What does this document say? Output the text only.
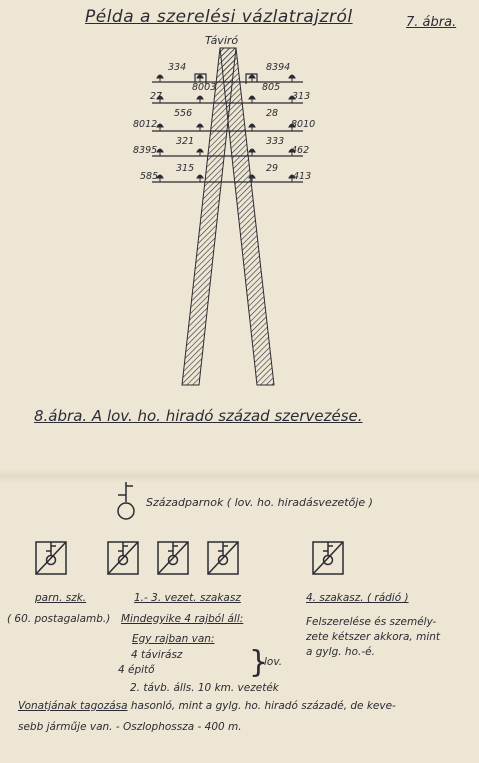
Példa a szerelési vázlatrajzról	7. ábra.
Táviró
334
8003
27
556
8012
321
8395
315
585
8394
805
313
28
8010
333
462
29
413
8.ábra. A lov. ho. hiradó század szervezése.
Századparnok ( lov. ho. hiradásvezetője )
parn. szk.
( 60. postagalamb.)
1.- 3. vezet. szakasz
Mindegyike 4 rajból áll:
Egy rajban van:
4 távirász
4 épitő	}
lov.
2. távb. álls. 10 km. vezeték
4. szakasz. ( rádió )
Felszerelése és személy-
zete kétszer akkora, mint
a gylg. ho.-é.
Vonatjának tagozása hasonló, mint a gylg. ho. hiradó századé, de keve-
sebb járműje van. - Oszlophossza - 400 m.
